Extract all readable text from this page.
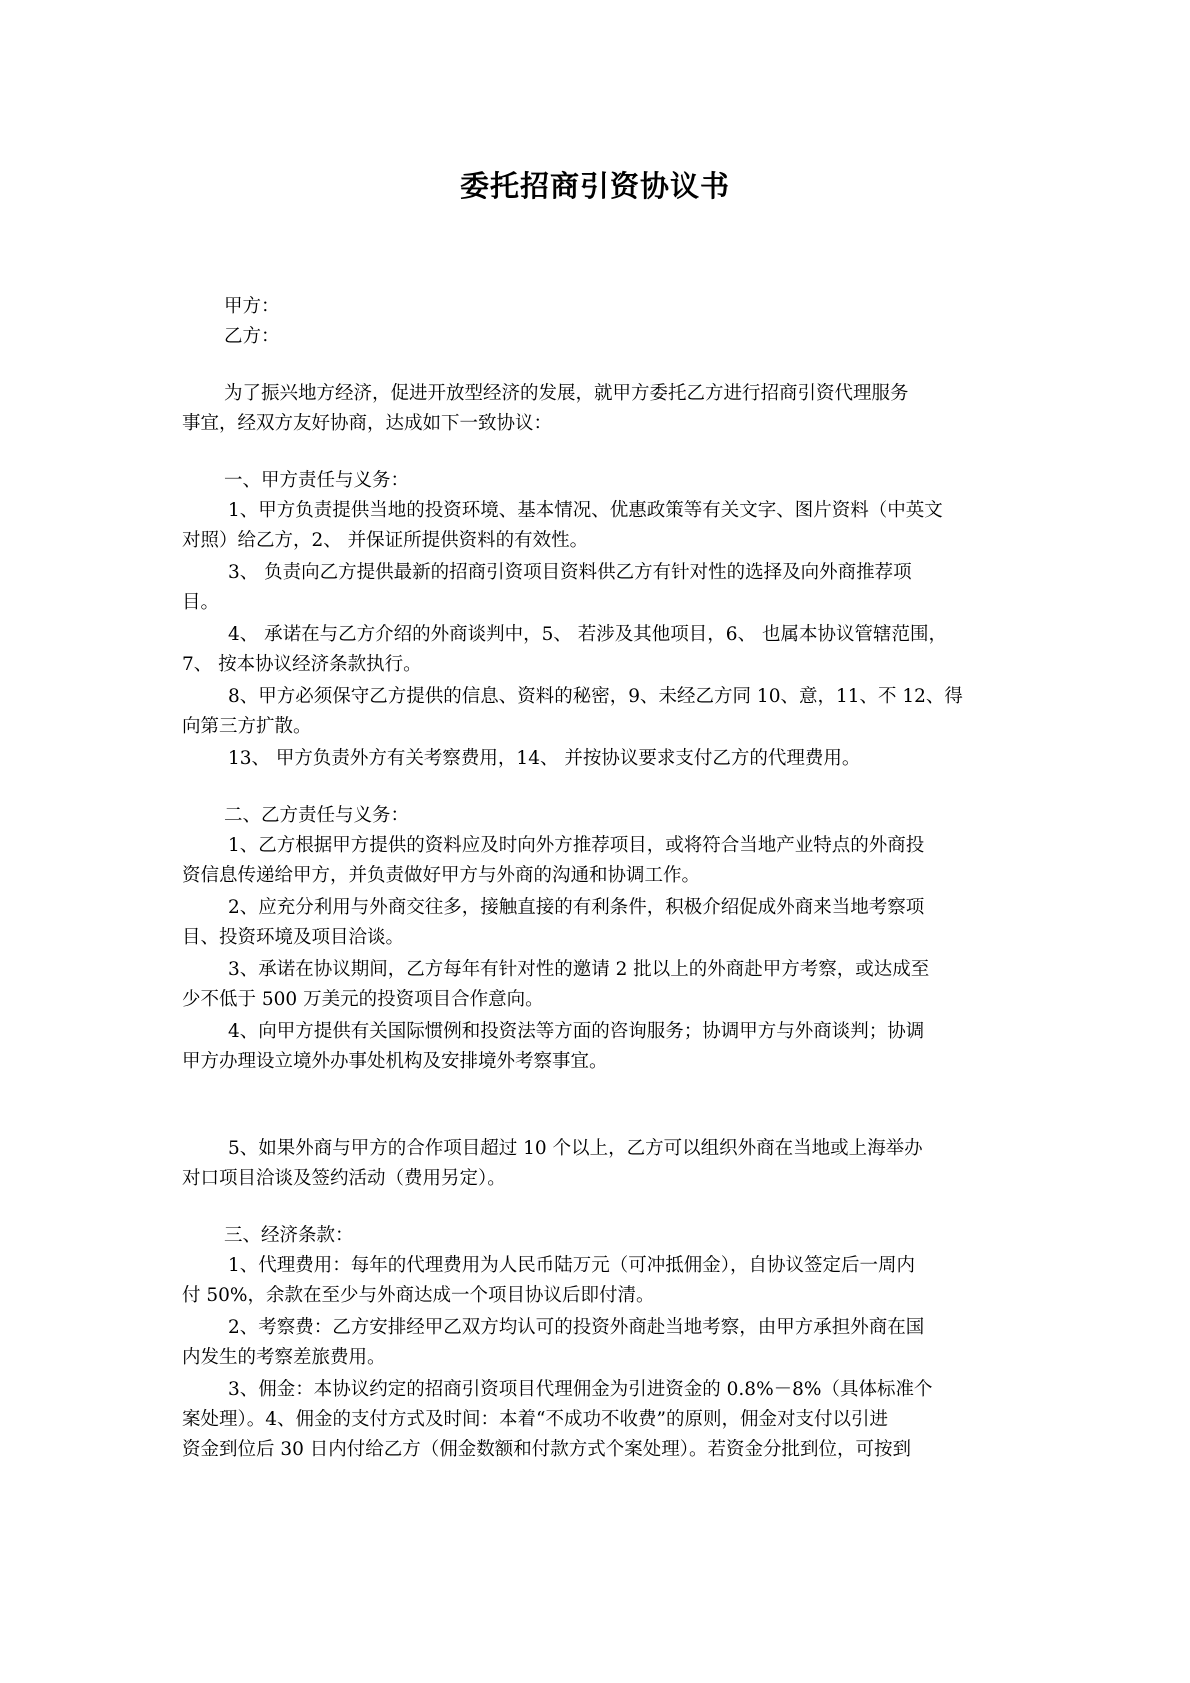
委托招商引资协议书

甲方：

乙方：

为了振兴地方经济，促进开放型经济的发展，就甲方委托乙方进行招商引资代理服务

事宜，经双方友好协商，达成如下一致协议：

一、甲方责任与义务：

1、甲方负责提供当地的投资环境、基本情况、优惠政策等有关文字、图片资料（中英文

对照）给乙方，2、 并保证所提供资料的有效性。

3、 负责向乙方提供最新的招商引资项目资料供乙方有针对性的选择及向外商推荐项

目。

4、 承诺在与乙方介绍的外商谈判中，5、 若涉及其他项目，6、 也属本协议管辖范围，

7、 按本协议经济条款执行。

8、甲方必须保守乙方提供的信息、资料的秘密，9、未经乙方同 10、意，11、不 12、得

向第三方扩散。

13、 甲方负责外方有关考察费用，14、 并按协议要求支付乙方的代理费用。

二、乙方责任与义务：

1、乙方根据甲方提供的资料应及时向外方推荐项目，或将符合当地产业特点的外商投

资信息传递给甲方，并负责做好甲方与外商的沟通和协调工作。

2、应充分利用与外商交往多，接触直接的有利条件，积极介绍促成外商来当地考察项

目、投资环境及项目洽谈。

3、承诺在协议期间，乙方每年有针对性的邀请 2 批以上的外商赴甲方考察，或达成至

少不低于 500 万美元的投资项目合作意向。

4、向甲方提供有关国际惯例和投资法等方面的咨询服务；协调甲方与外商谈判；协调

甲方办理设立境外办事处机构及安排境外考察事宜。

5、如果外商与甲方的合作项目超过 10 个以上，乙方可以组织外商在当地或上海举办

对口项目洽谈及签约活动（费用另定）。

三、经济条款：

1、代理费用：每年的代理费用为人民币陆万元（可冲抵佣金），自协议签定后一周内

付 50%，余款在至少与外商达成一个项目协议后即付清。

2、考察费：乙方安排经甲乙双方均认可的投资外商赴当地考察，由甲方承担外商在国

内发生的考察差旅费用。

3、佣金：本协议约定的招商引资项目代理佣金为引进资金的 0.8%－8%（具体标准个

案处理）。4、佣金的支付方式及时间：本着“不成功不收费”的原则，佣金对支付以引进

资金到位后 30 日内付给乙方（佣金数额和付款方式个案处理）。若资金分批到位，可按到
